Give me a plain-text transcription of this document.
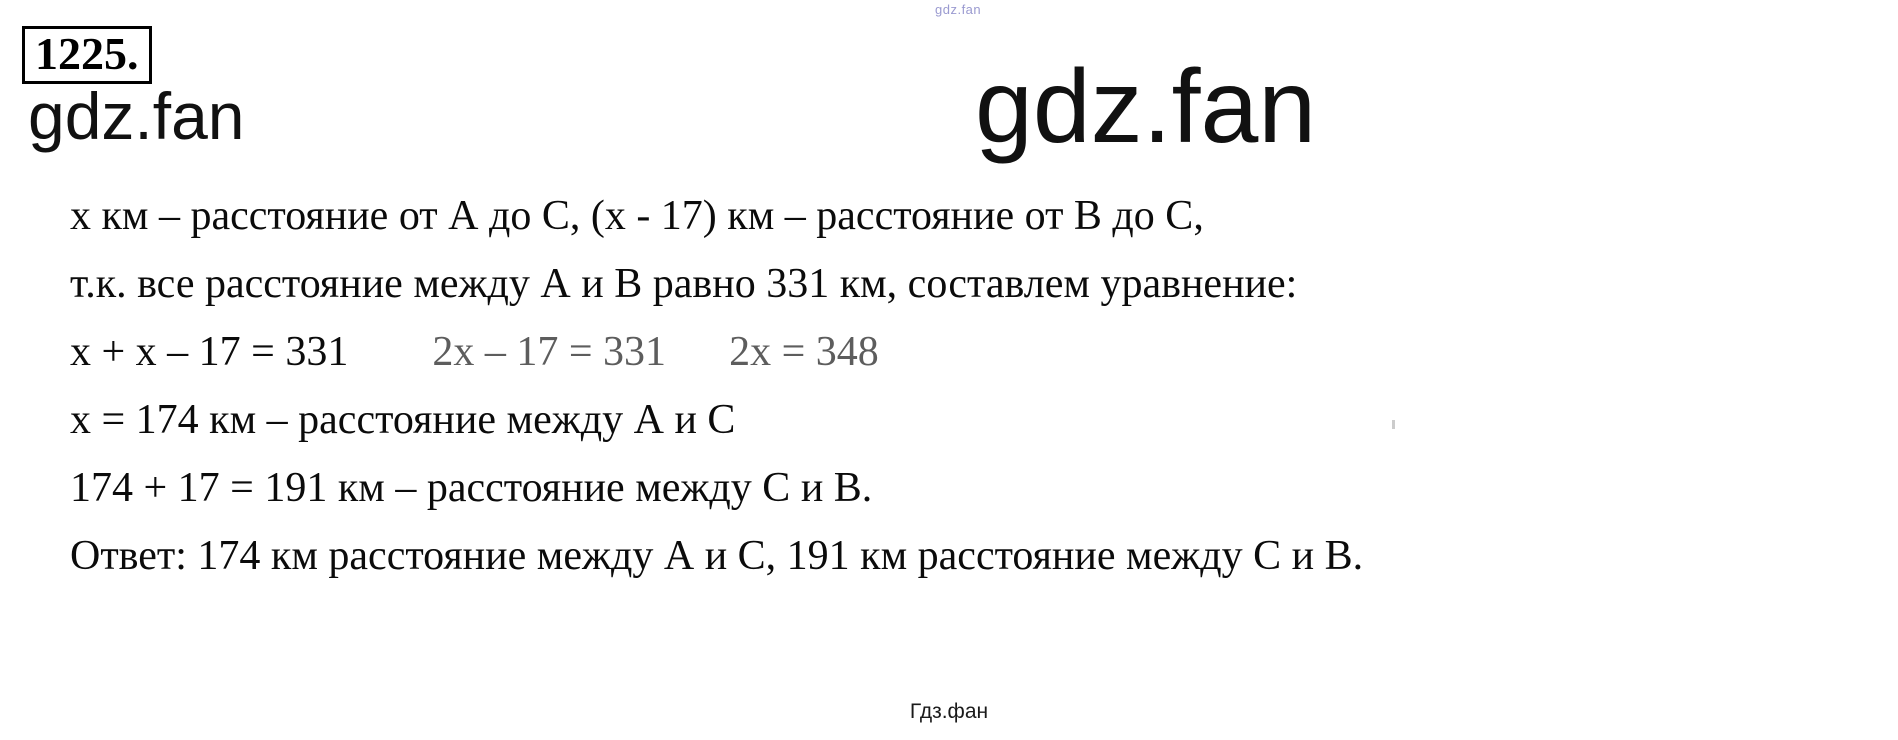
gdz.fan
gdz.fan	gdz.fan
1225.
x км – расстояние от А до С, (х - 17) км – расстояние от В до С,
т.к. все расстояние между А и В равно 331 км, составлем уравнение:
x + x – 17 = 331 2x – 17 = 331 2x = 348
x = 174 км – расстояние между А и С
174 + 17 = 191 км – расстояние между С и В.
Ответ: 174 км расстояние между А и С, 191 км расстояние между С и В.
Гдз.фан
